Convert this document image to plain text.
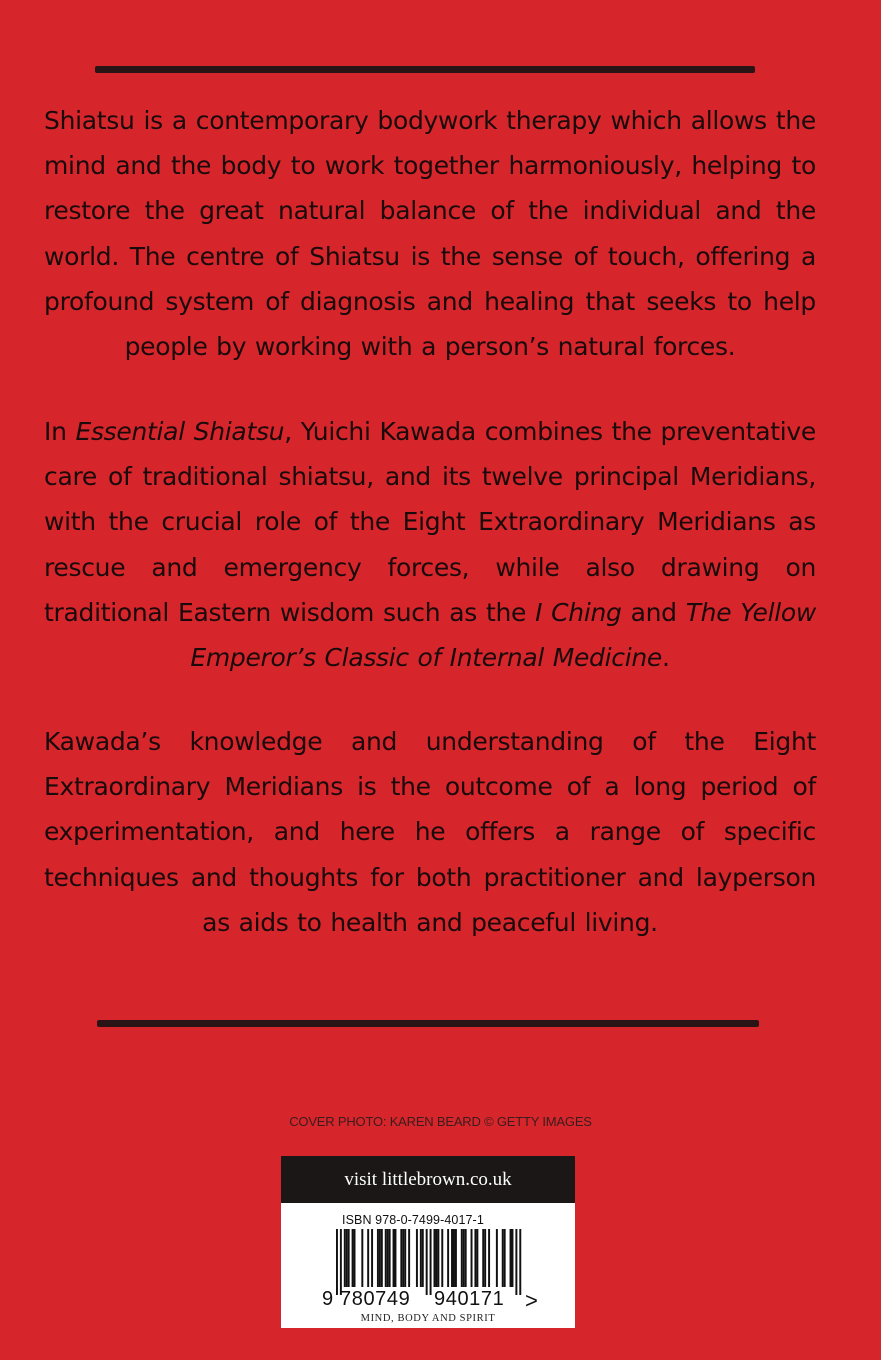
Shiatsu is a contemporary bodywork therapy which allows the mind and the body to work together harmoniously, helping to restore the great natural balance of the individual and the world. The centre of Shiatsu is the sense of touch, offering a profound system of diagnosis and healing that seeks to help people by working with a person’s natural forces.

In Essential Shiatsu, Yuichi Kawada combines the preventative care of traditional shiatsu, and its twelve principal Meridians, with the crucial role of the Eight Extraordinary Meridians as rescue and emergency forces, while also drawing on traditional Eastern wisdom such as the I Ching and The Yellow Emperor’s Classic of Internal Medicine.

Kawada’s knowledge and understanding of the Eight Extraordinary Meridians is the outcome of a long period of experimentation, and here he offers a range of specific techniques and thoughts for both practitioner and layperson as aids to health and peaceful living.

COVER PHOTO: KAREN BEARD © GETTY IMAGES
visit littlebrown.co.uk
ISBN 978-0-7499-4017-1
9 780749 940171 >
MIND, BODY AND SPIRIT
